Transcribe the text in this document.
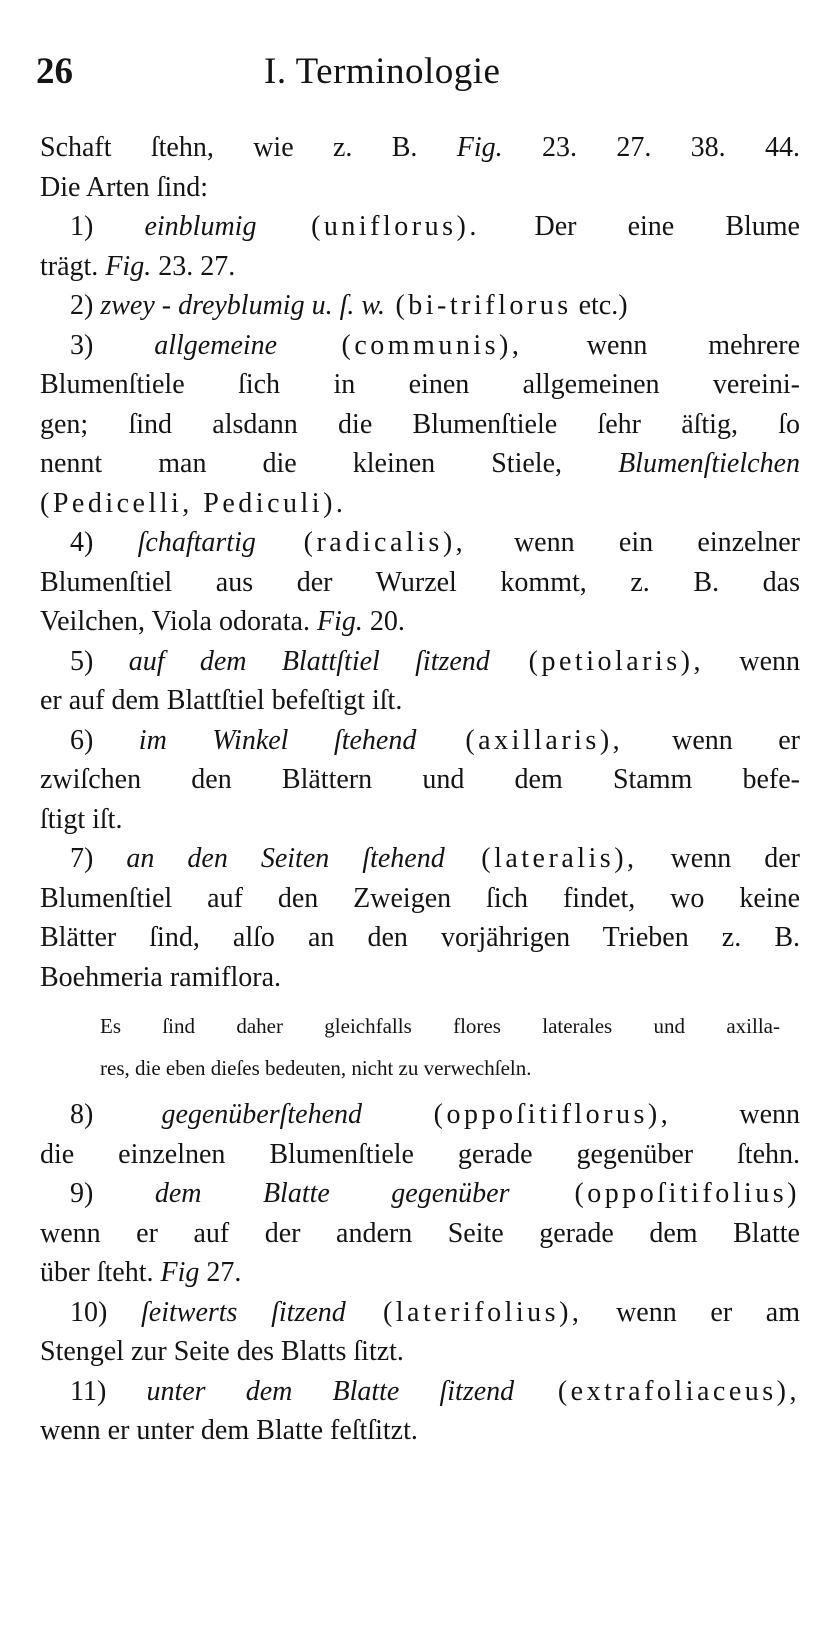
26	I. Terminologie
Schaft ſtehn, wie z. B. Fig. 23. 27. 38. 44.
Die Arten ſind:
1) einblumig (uniflorus). Der eine Blume
trägt. Fig. 23. 27.
2) zwey - dreyblumig u. ſ. w. (bi-triflorus etc.)
3) allgemeine (communis), wenn mehrere
Blumenſtiele ſich in einen allgemeinen vereini-
gen; ſind alsdann die Blumenſtiele ſehr äſtig, ſo
nennt man die kleinen Stiele, Blumenſtielchen
(Pedicelli, Pediculi).
4) ſchaftartig (radicalis), wenn ein einzelner
Blumenſtiel aus der Wurzel kommt, z. B. das
Veilchen, Viola odorata. Fig. 20.
5) auf dem Blattſtiel ſitzend (petiolaris), wenn
er auf dem Blattſtiel befeſtigt iſt.
6) im Winkel ſtehend (axillaris), wenn er
zwiſchen den Blättern und dem Stamm befe-
ſtigt iſt.
7) an den Seiten ſtehend (lateralis), wenn der
Blumenſtiel auf den Zweigen ſich findet, wo keine
Blätter ſind, alſo an den vorjährigen Trieben z. B.
Boehmeria ramiflora.
Es ſind daher gleichfalls flores laterales und axilla-
res, die eben dieſes bedeuten, nicht zu verwechſeln.
8) gegenüberſtehend (oppoſitiflorus), wenn
die einzelnen Blumenſtiele gerade gegenüber ſtehn.
9) dem Blatte gegenüber (oppoſitifolius)
wenn er auf der andern Seite gerade dem Blatte
über ſteht. Fig 27.
10) ſeitwerts ſitzend (laterifolius), wenn er am
Stengel zur Seite des Blatts ſitzt.
11) unter dem Blatte ſitzend (extrafoliaceus),
wenn er unter dem Blatte feſtſitzt.
